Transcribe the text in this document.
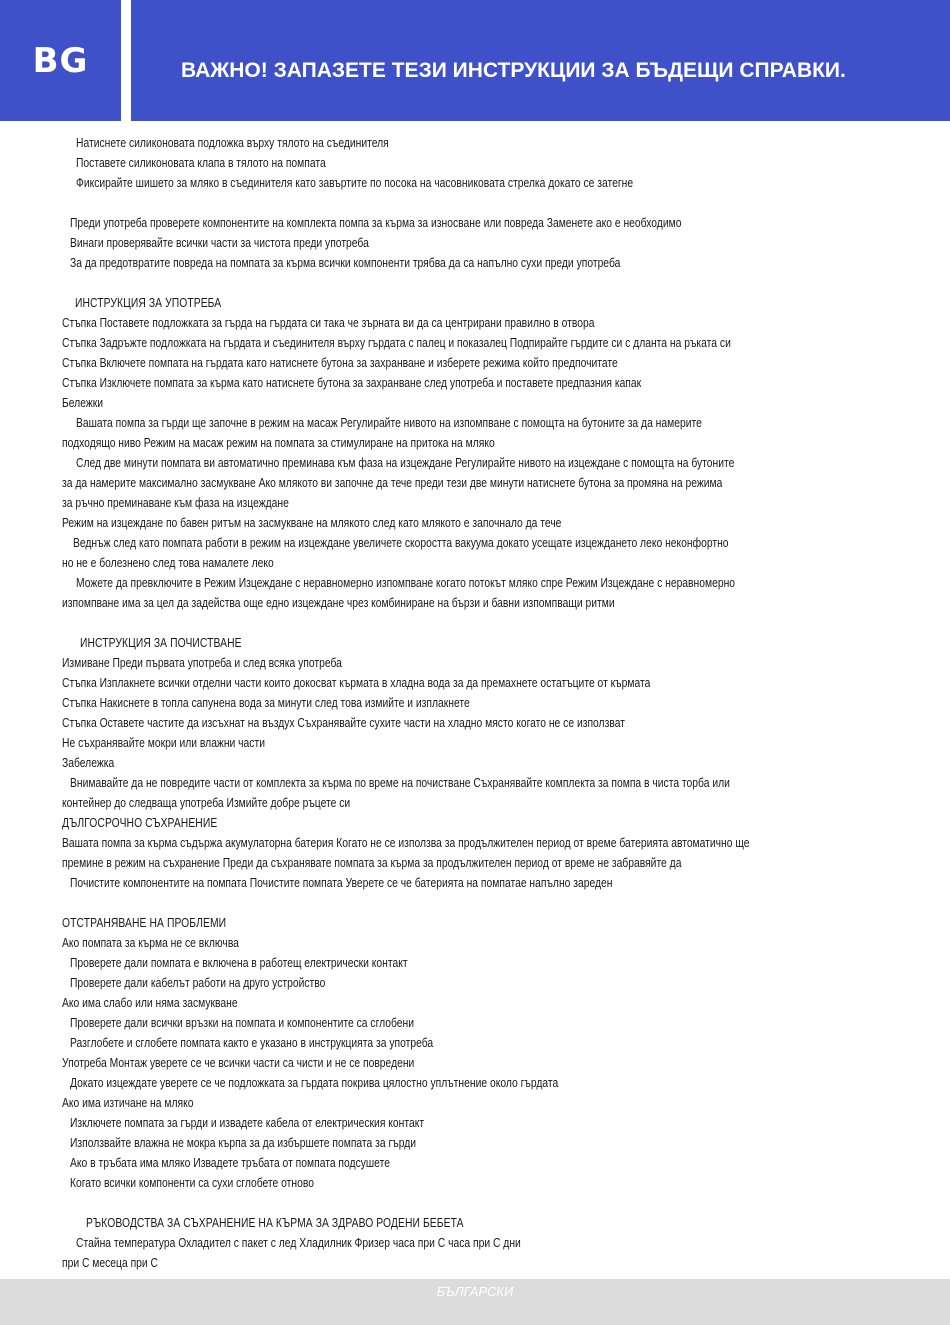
BG	ВАЖНО! ЗАПАЗЕТЕ ТЕЗИ ИНСТРУКЦИИ ЗА БЪДЕЩИ СПРАВКИ.
Натиснете силиконовата подложка върху тялото на съединителя
Поставете силиконовата клапа в тялото на помпата
Фиксирайте шишето за мляко в съединителя като завъртите по посока на часовниковата стрелка докато се затегне
Преди употреба проверете компонентите на комплекта помпа за кърма за износване или повреда Заменете ако е необходимо
Винаги проверявайте всички части за чистота преди употреба
За да предотвратите повреда на помпата за кърма всички компоненти трябва да са напълно сухи преди употреба
ИНСТРУКЦИЯ ЗА УПОТРЕБА
Стъпка Поставете подложката за гърда на гърдата си така че зърната ви да са центрирани правилно в отвора
Стъпка Задръжте подложката на гърдата и съединителя върху гърдата с палец и показалец Подпирайте гърдите си с дланта на ръката си
Стъпка Включете помпата на гърдата като натиснете бутона за захранване и изберете режима който предпочитате
Стъпка Изключете помпата за кърма като натиснете бутона за захранване след употреба и поставете предпазния капак
Бележки
Вашата помпа за гърди ще започне в режим на масаж Регулирайте нивото на изпомпване с помощта на бутоните за да намерите
подходящо ниво Режим на масаж режим на помпата за стимулиране на притока на мляко
След две минути помпата ви автоматично преминава към фаза на изцеждане Регулирайте нивото на изцеждане с помощта на бутоните
за да намерите максимално засмукване Ако млякото ви започне да тече преди тези две минути натиснете бутона за промяна на режима
за ръчно преминаване към фаза на изцеждане
Режим на изцеждане по бавен ритъм на засмукване на млякото след като млякото е започнало да тече
Веднъж след като помпата работи в режим на изцеждане увеличете скоростта вакуума докато усещате изцеждането леко неконфортно
но не е болезнено след това намалете леко
Можете да превключите в Режим Изцеждане с неравномерно изпомпване когато потокът мляко спре Режим Изцеждане с неравномерно
изпомпване има за цел да задейства още едно изцеждане чрез комбиниране на бързи и бавни изпомпващи ритми
ИНСТРУКЦИЯ ЗА ПОЧИСТВАНЕ
Измиване Преди първата употреба и след всяка употреба
Стъпка Изплакнете всички отделни части които докосват кърмата в хладна вода за да премахнете остатъците от кърмата
Стъпка Накиснете в топла сапунена вода за минути след това измийте и изплакнете
Стъпка Оставете частите да изсъхнат на въздух Съхранявайте сухите части на хладно място когато не се използват
Не съхранявайте мокри или влажни части
Забележка
Внимавайте да не повредите части от комплекта за кърма по време на почистване Съхранявайте комплекта за помпа в чиста торба или
контейнер до следваща употреба Измийте добре ръцете си
ДЪЛГОСРОЧНО СЪХРАНЕНИЕ
Вашата помпа за кърма съдържа акумулаторна батерия Когато не се използва за продължителен период от време батерията автоматично ще
премине в режим на съхранение Преди да съхранявате помпата за кърма за продължителен период от време не забравяйте да
Почистите компонентите на помпата Почистите помпата Уверете се че батерията на помпатае напълно зареден
ОТСТРАНЯВАНЕ НА ПРОБЛЕМИ
Ако помпата за кърма не се включва
Проверете дали помпата е включена в работещ електрически контакт
Проверете дали кабелът работи на друго устройство
Ако има слабо или няма засмукване
Проверете дали всички връзки на помпата и компонентите са сглобени
Разглобете и сглобете помпата както е указано в инструкцията за употреба
Употреба Монтаж уверете се че всички части са чисти и не се повредени
Докато изцеждате уверете се че подложката за гърдата покрива цялостно уплътнение около гърдата
Ако има изтичане на мляко
Изключете помпата за гърди и извадете кабела от електрическия контакт
Използвайте влажна не мокра кърпа за да избършете помпата за гърди
Ако в тръбата има мляко Извадете тръбата от помпата подсушете
Когато всички компоненти са сухи сглобете отново
РЪКОВОДСТВА ЗА СЪХРАНЕНИЕ НА КЪРМА ЗА ЗДРАВО РОДЕНИ БЕБЕТА
Стайна температура Охладител с пакет с лед Хладилник Фризер часа при С часа при С дни
при С месеца при С
БЪЛГАРСКИ
